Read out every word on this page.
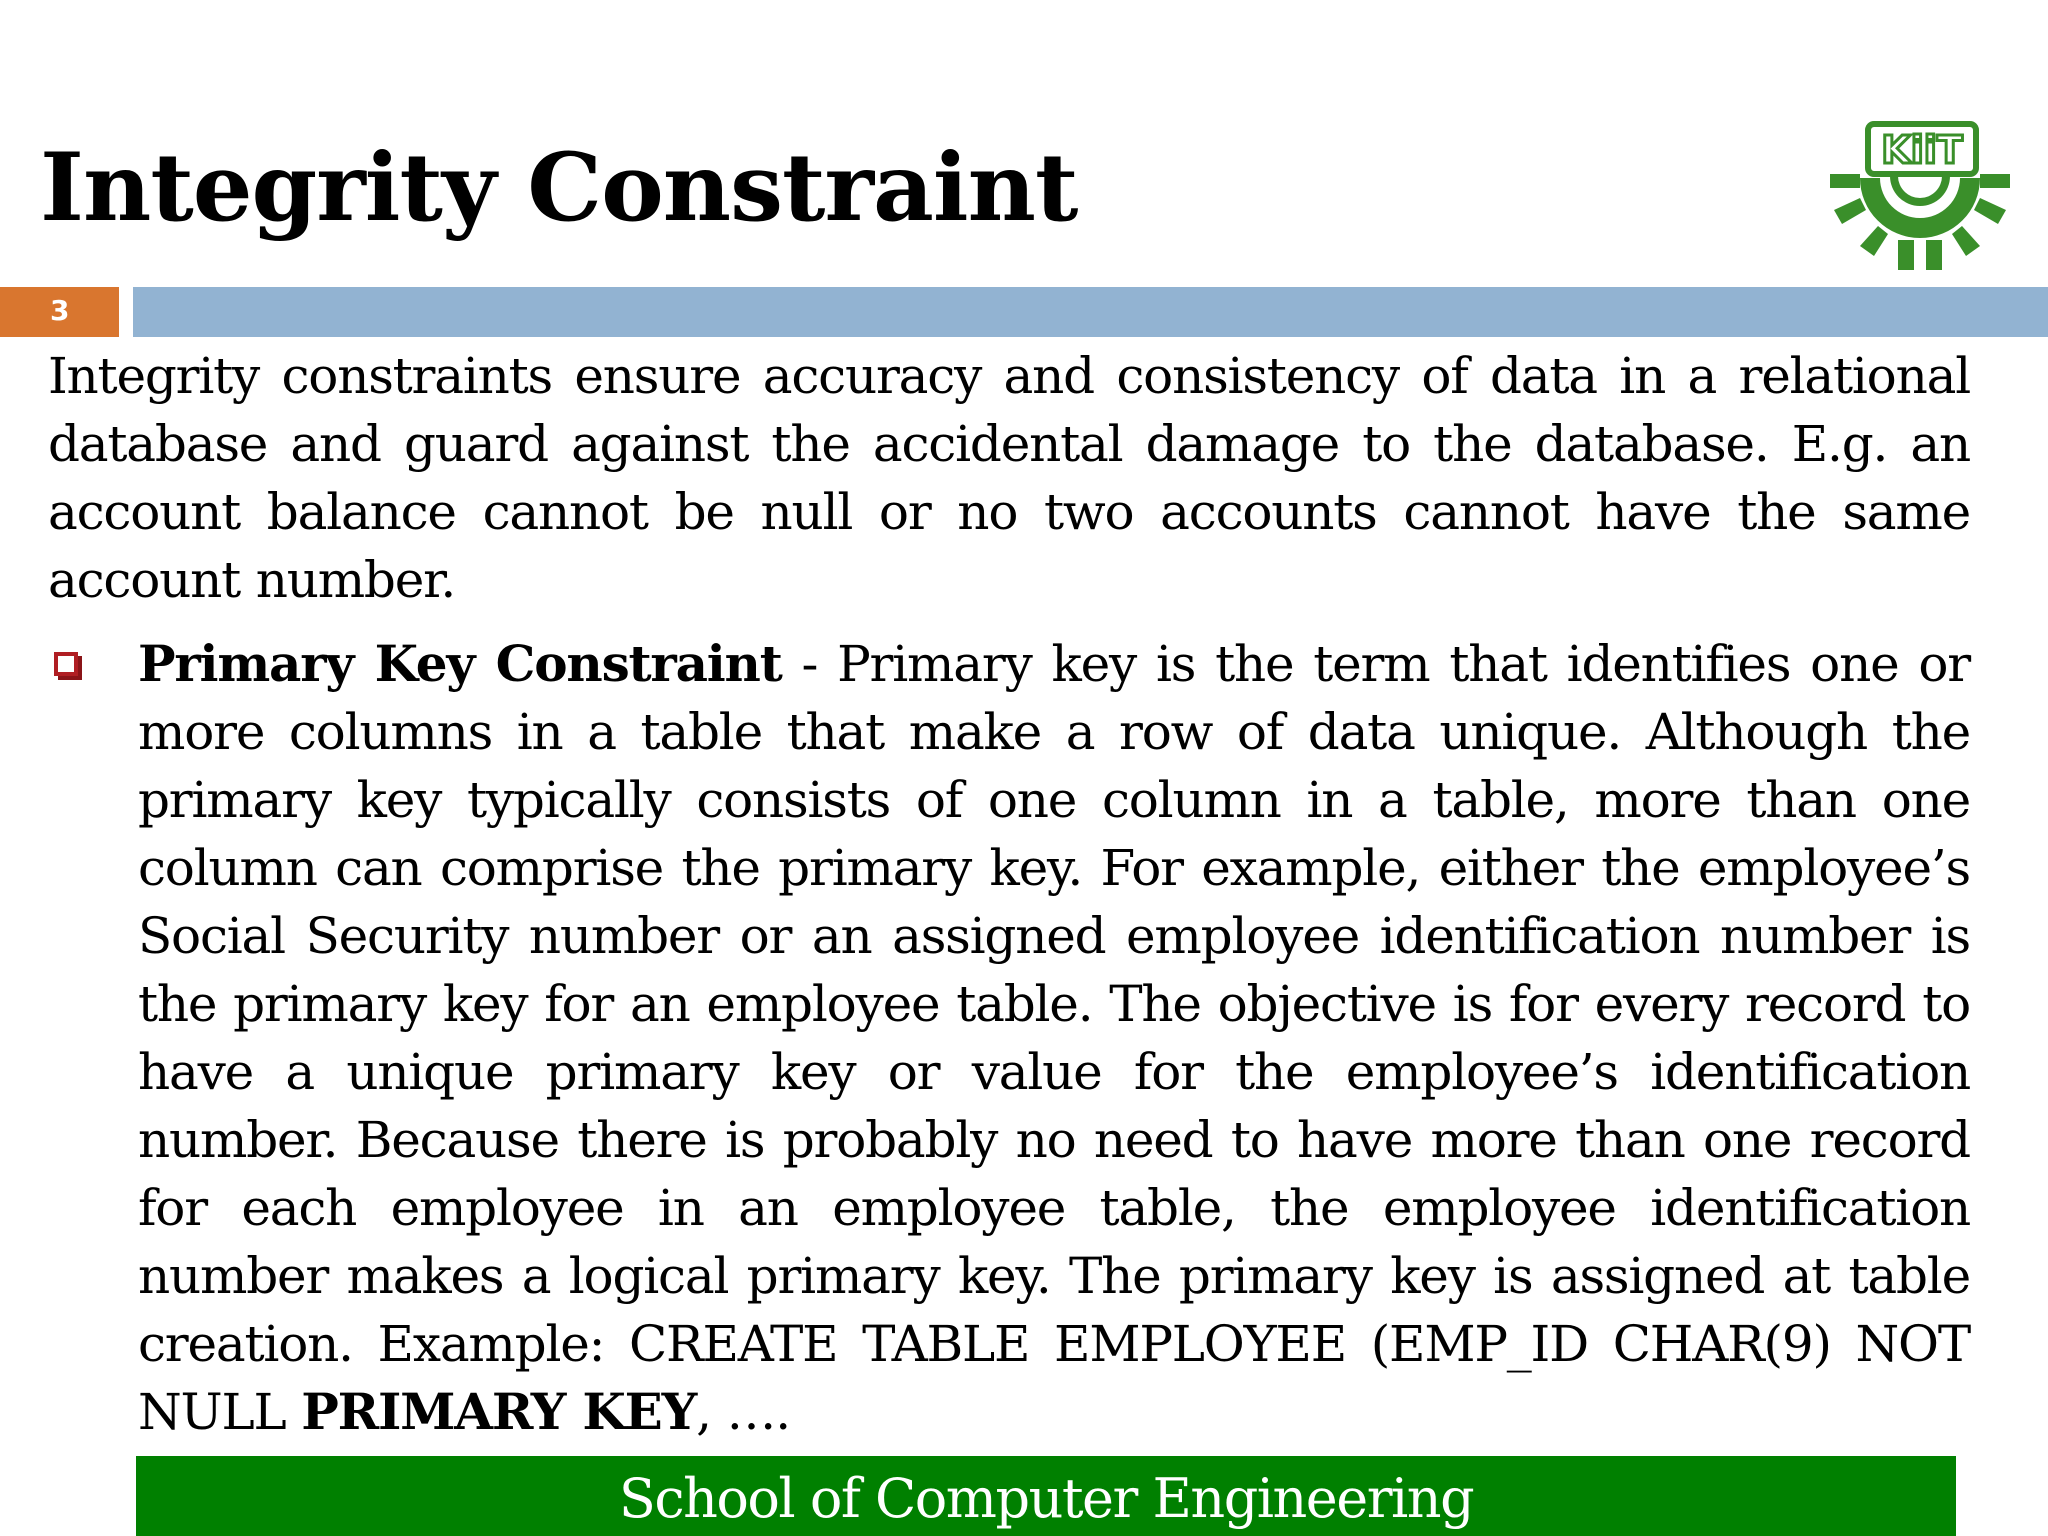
Integrity Constraint	KiiT
3
Integrity constraints ensure accuracy and consistency of data in a relational database and guard against the accidental damage to the database. E.g. an account balance cannot be null or no two accounts cannot have the same account number.
Primary Key Constraint - Primary key is the term that identifies one or more columns in a table that make a row of data unique. Although the primary key typically consists of one column in a table, more than one column can comprise the primary key. For example, either the employee’s Social Security number or an assigned employee identification number is the primary key for an employee table. The objective is for every record to have a unique primary key or value for the employee’s identification number. Because there is probably no need to have more than one record for each employee in an employee table, the employee identification number makes a logical primary key. The primary key is assigned at table creation. Example: CREATE TABLE EMPLOYEE (EMP_ID CHAR(9) NOT NULL PRIMARY KEY, ….
School of Computer Engineering
